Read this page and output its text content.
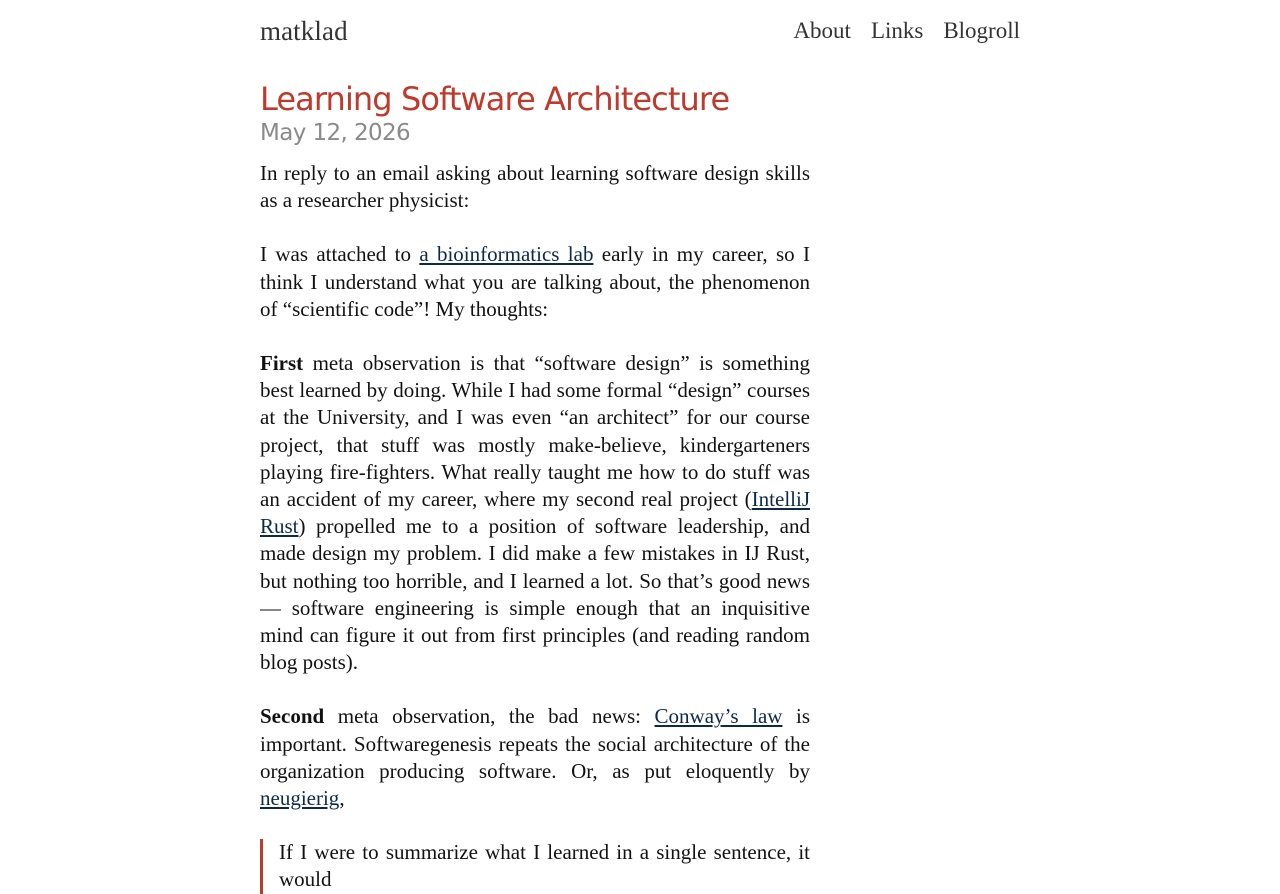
matklad	About Links Blogroll
Learning Software Architecture
May 12, 2026

In reply to an email asking about learning software design skills as a researcher physicist:

I was attached to a bioinformatics lab early in my career, so I think I understand what you are talking about, the phenomenon of “scientific code”! My thoughts:

First meta observation is that “software design” is something best learned by doing. While I had some formal “design” courses at the University, and I was even “an architect” for our course project, that stuff was mostly make-believe, kindergarteners playing fire-fighters. What really taught me how to do stuff was an accident of my career, where my second real project (IntelliJ Rust) propelled me to a position of software leadership, and made design my problem. I did make a few mistakes in IJ Rust, but nothing too horrible, and I learned a lot. So that’s good news — software engineering is simple enough that an inquisitive mind can figure it out from first principles (and reading random blog posts).

Second meta observation, the bad news: Conway’s law is important. Softwaregenesis repeats the social architecture of the organization producing software. Or, as put eloquently by neugierig,

If I were to summarize what I learned in a single sentence, it would
